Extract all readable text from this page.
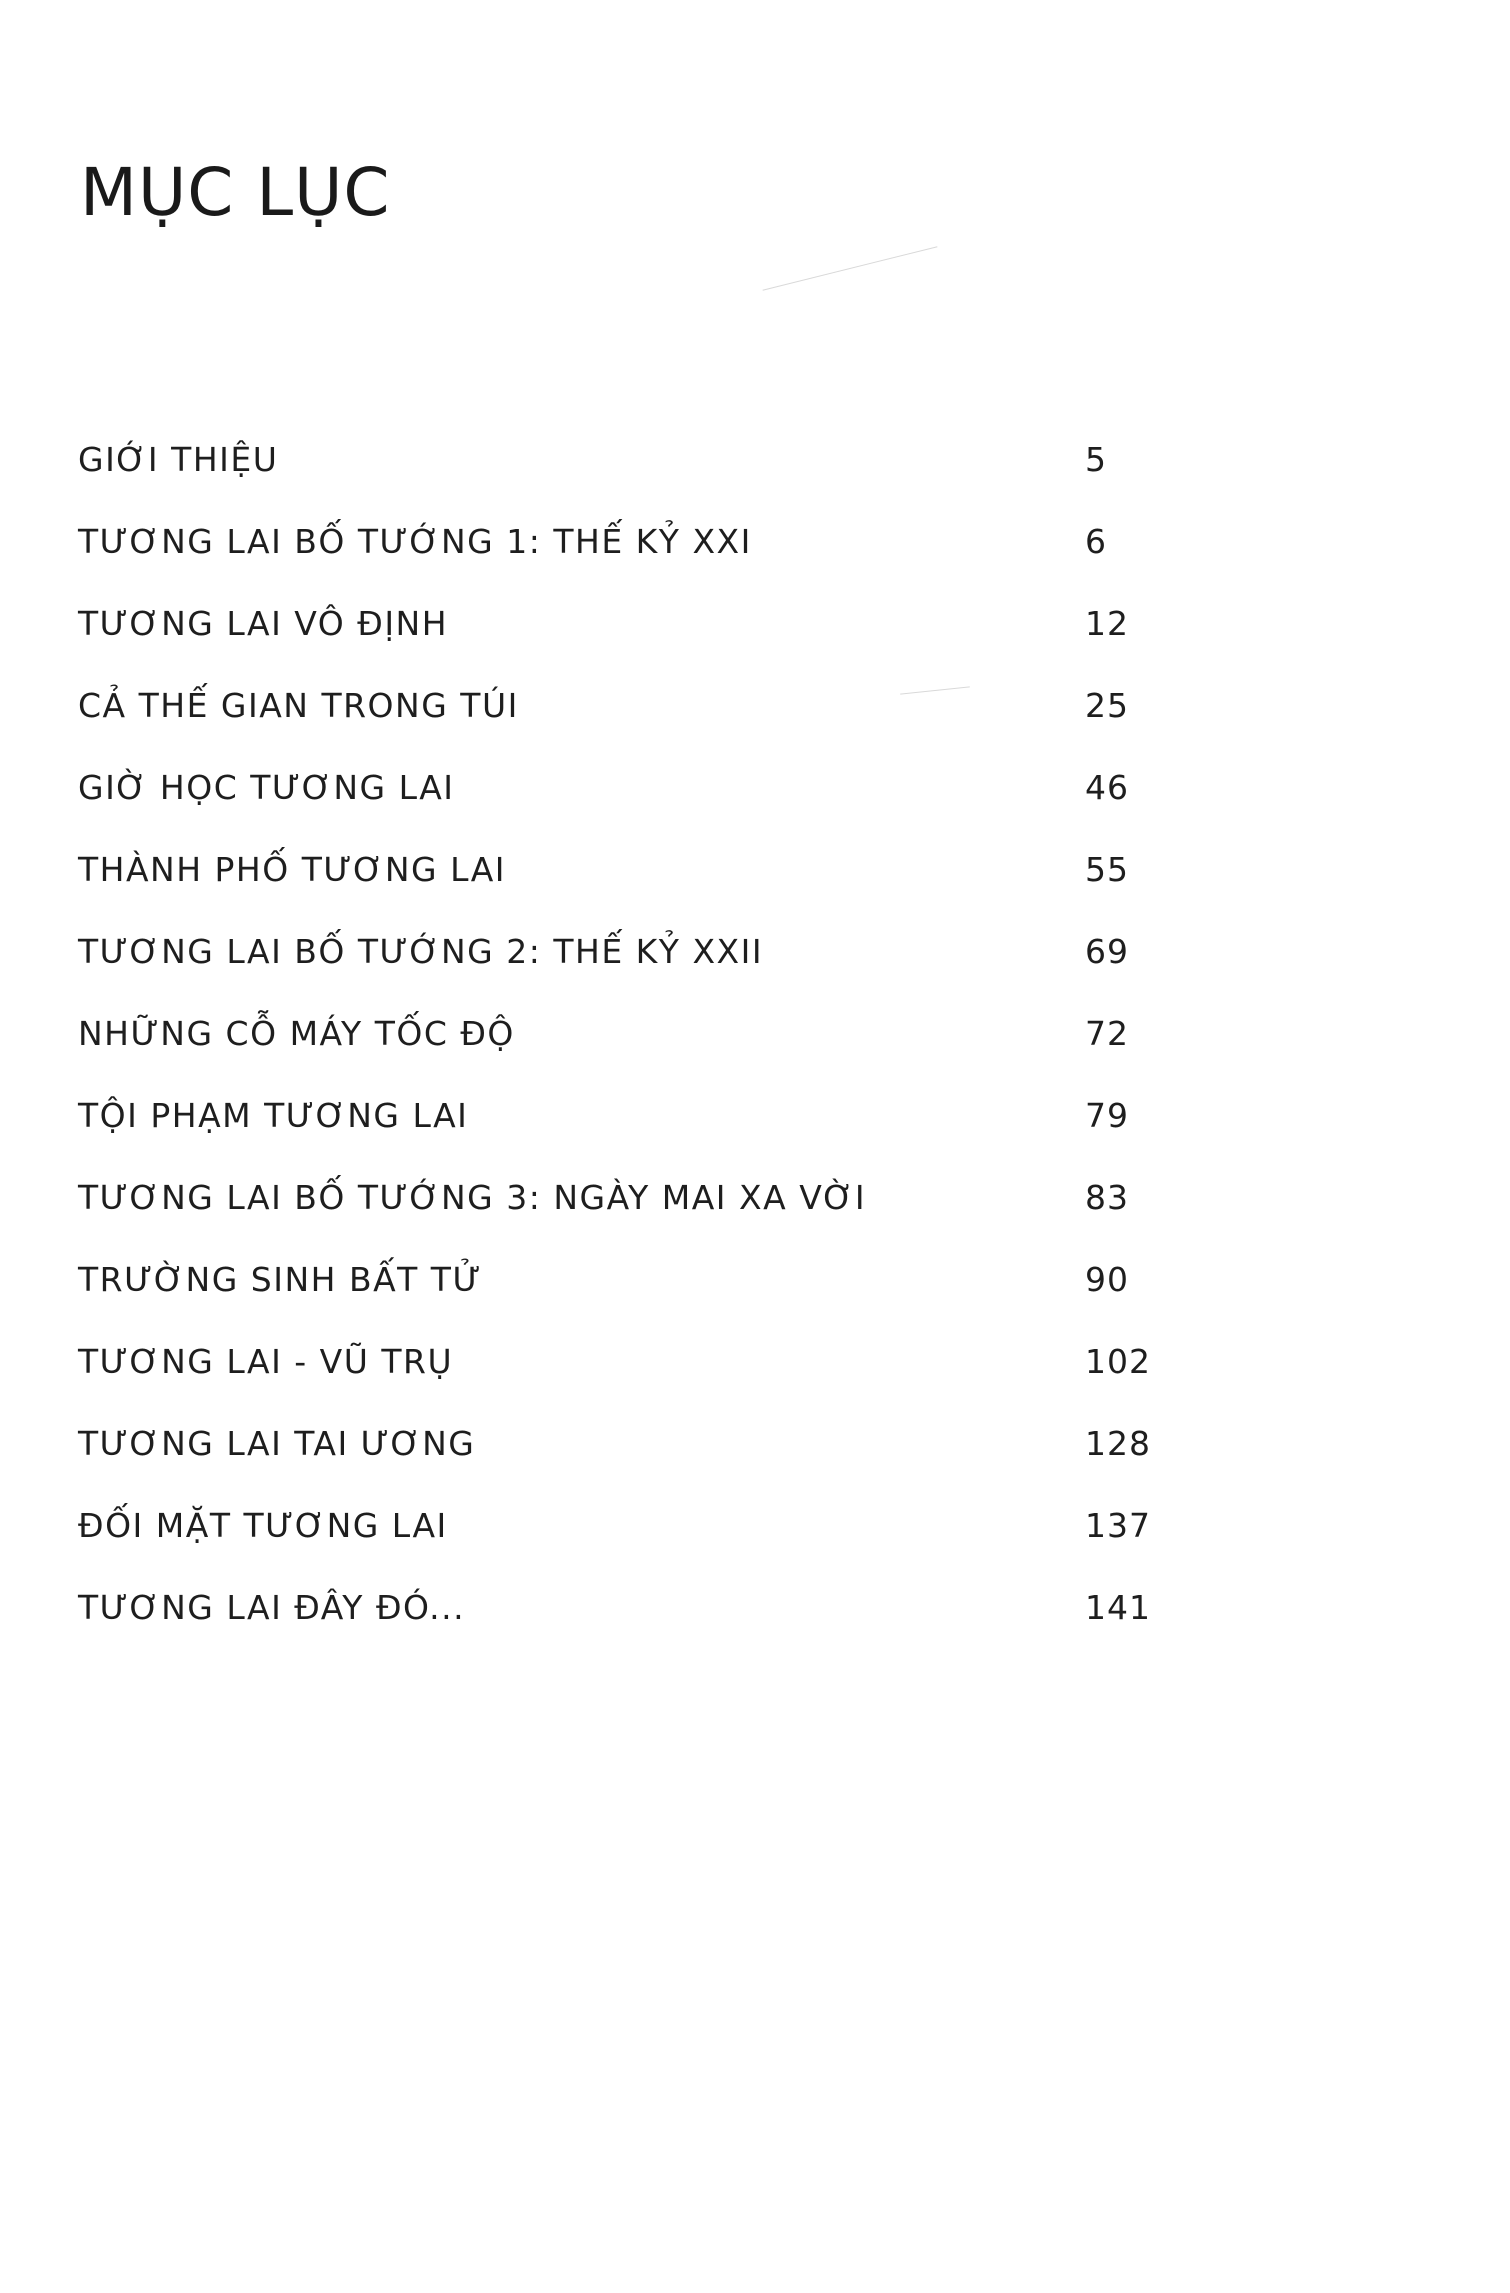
MỤC LỤC
GIỚI THIỆU	5
TƯƠNG LAI BỐ TƯỚNG 1: THẾ KỶ XXI	6
TƯƠNG LAI VÔ ĐỊNH	12
CẢ THẾ GIAN TRONG TÚI	25
GIỜ HỌC TƯƠNG LAI	46
THÀNH PHỐ TƯƠNG LAI	55
TƯƠNG LAI BỐ TƯỚNG 2: THẾ KỶ XXII	69
NHỮNG CỖ MÁY TỐC ĐỘ	72
TỘI PHẠM TƯƠNG LAI	79
TƯƠNG LAI BỐ TƯỚNG 3: NGÀY MAI XA VỜI	83
TRƯỜNG SINH BẤT TỬ	90
TƯƠNG LAI - VŨ TRỤ	102
TƯƠNG LAI TAI ƯƠNG	128
ĐỐI MẶT TƯƠNG LAI	137
TƯƠNG LAI ĐÂY ĐÓ...	141
